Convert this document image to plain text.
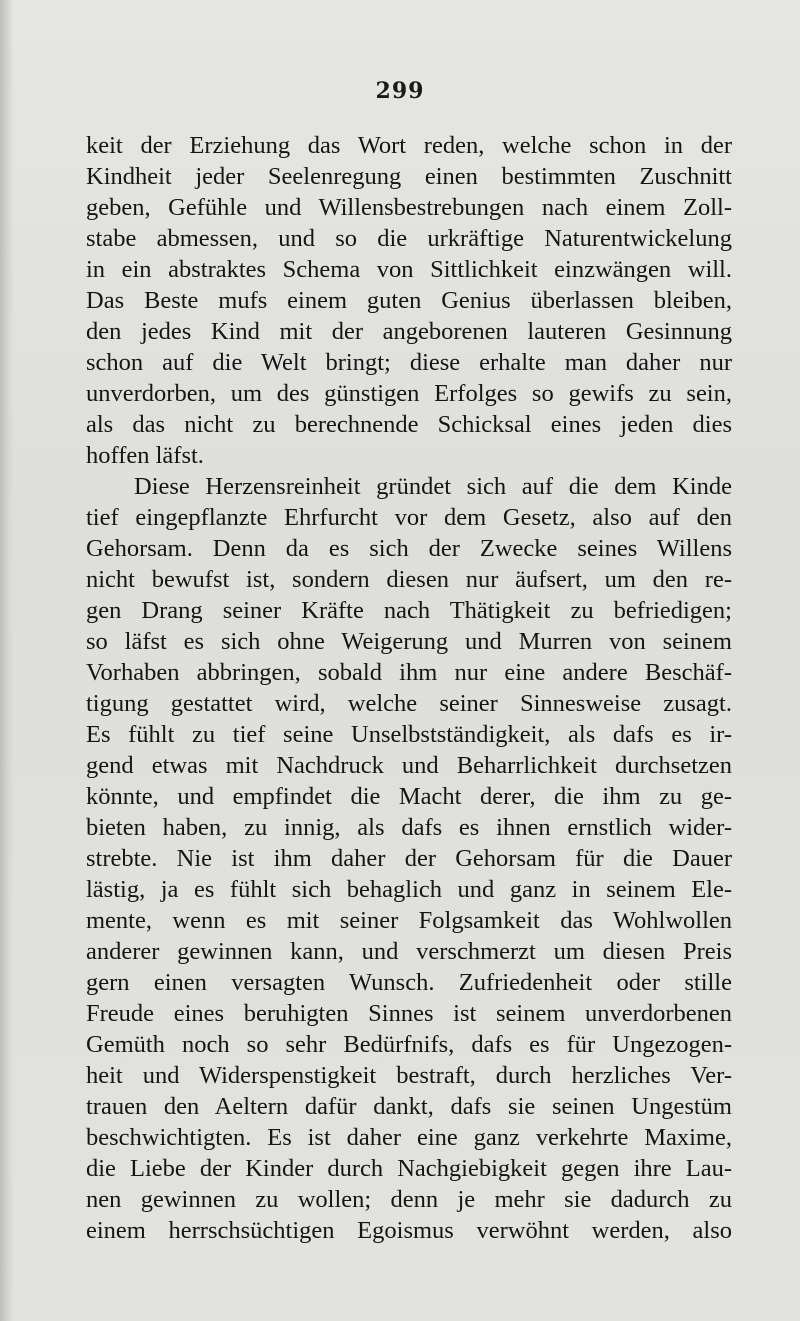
299
keit der Erziehung das Wort reden, welche schon in der
Kindheit jeder Seelenregung einen bestimmten Zuschnitt
geben, Gefühle und Willensbestrebungen nach einem Zoll-
stabe abmessen, und so die urkräftige Naturentwickelung
in ein abstraktes Schema von Sittlichkeit einzwängen will.
Das Beste mufs einem guten Genius überlassen bleiben,
den jedes Kind mit der angeborenen lauteren Gesinnung
schon auf die Welt bringt; diese erhalte man daher nur
unverdorben, um des günstigen Erfolges so gewifs zu sein,
als das nicht zu berechnende Schicksal eines jeden dies
hoffen läfst.
Diese Herzensreinheit gründet sich auf die dem Kinde
tief eingepflanzte Ehrfurcht vor dem Gesetz, also auf den
Gehorsam. Denn da es sich der Zwecke seines Willens
nicht bewufst ist, sondern diesen nur äufsert, um den re-
gen Drang seiner Kräfte nach Thätigkeit zu befriedigen;
so läfst es sich ohne Weigerung und Murren von seinem
Vorhaben abbringen, sobald ihm nur eine andere Beschäf-
tigung gestattet wird, welche seiner Sinnesweise zusagt.
Es fühlt zu tief seine Unselbstständigkeit, als dafs es ir-
gend etwas mit Nachdruck und Beharrlichkeit durchsetzen
könnte, und empfindet die Macht derer, die ihm zu ge-
bieten haben, zu innig, als dafs es ihnen ernstlich wider-
strebte. Nie ist ihm daher der Gehorsam für die Dauer
lästig, ja es fühlt sich behaglich und ganz in seinem Ele-
mente, wenn es mit seiner Folgsamkeit das Wohlwollen
anderer gewinnen kann, und verschmerzt um diesen Preis
gern einen versagten Wunsch. Zufriedenheit oder stille
Freude eines beruhigten Sinnes ist seinem unverdorbenen
Gemüth noch so sehr Bedürfnifs, dafs es für Ungezogen-
heit und Widerspenstigkeit bestraft, durch herzliches Ver-
trauen den Aeltern dafür dankt, dafs sie seinen Ungestüm
beschwichtigten. Es ist daher eine ganz verkehrte Maxime,
die Liebe der Kinder durch Nachgiebigkeit gegen ihre Lau-
nen gewinnen zu wollen; denn je mehr sie dadurch zu
einem herrschsüchtigen Egoismus verwöhnt werden, also
